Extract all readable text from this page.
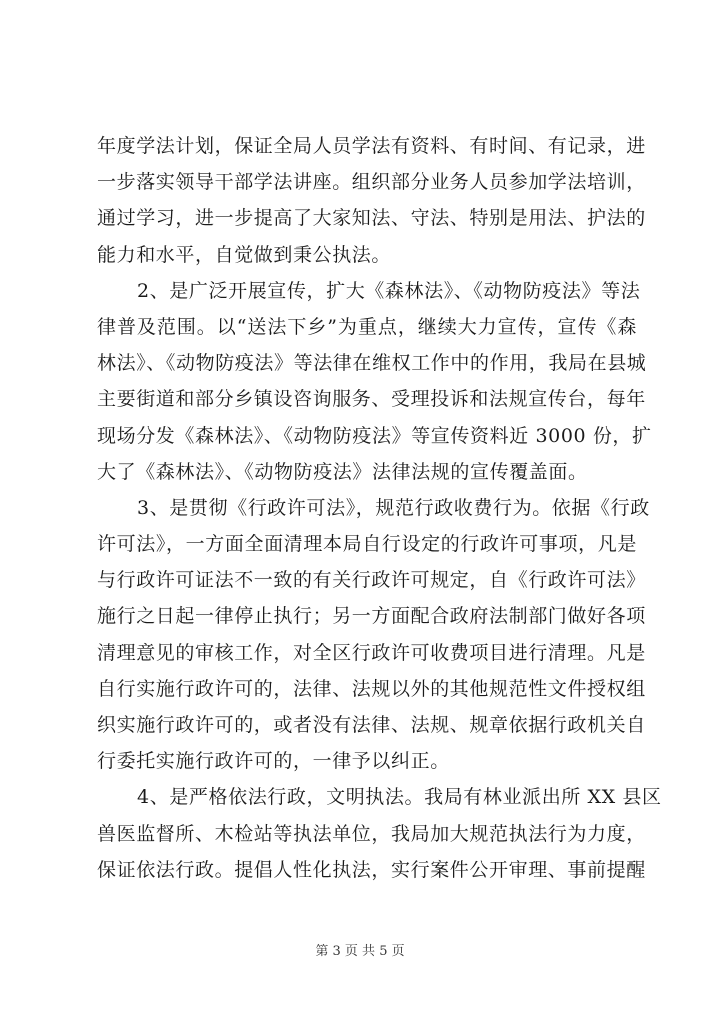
年度学法计划，保证全局人员学法有资料、有时间、有记录，进
一步落实领导干部学法讲座。组织部分业务人员参加学法培训，
通过学习，进一步提高了大家知法、守法、特别是用法、护法的
能力和水平，自觉做到秉公执法。
2、是广泛开展宣传，扩大《森林法》、《动物防疫法》等法
律普及范围。以“送法下乡”为重点，继续大力宣传，宣传《森
林法》、《动物防疫法》等法律在维权工作中的作用，我局在县城
主要街道和部分乡镇设咨询服务、受理投诉和法规宣传台，每年
现场分发《森林法》、《动物防疫法》等宣传资料近 3000 份，扩
大了《森林法》、《动物防疫法》法律法规的宣传覆盖面。
3、是贯彻《行政许可法》，规范行政收费行为。依据《行政
许可法》，一方面全面清理本局自行设定的行政许可事项，凡是
与行政许可证法不一致的有关行政许可规定，自《行政许可法》
施行之日起一律停止执行；另一方面配合政府法制部门做好各项
清理意见的审核工作，对全区行政许可收费项目进行清理。凡是
自行实施行政许可的，法律、法规以外的其他规范性文件授权组
织实施行政许可的，或者没有法律、法规、规章依据行政机关自
行委托实施行政许可的，一律予以纠正。
4、是严格依法行政，文明执法。我局有林业派出所 XX 县区
兽医监督所、木检站等执法单位，我局加大规范执法行为力度，
保证依法行政。提倡人性化执法，实行案件公开审理、事前提醒
第 3 页 共 5 页
